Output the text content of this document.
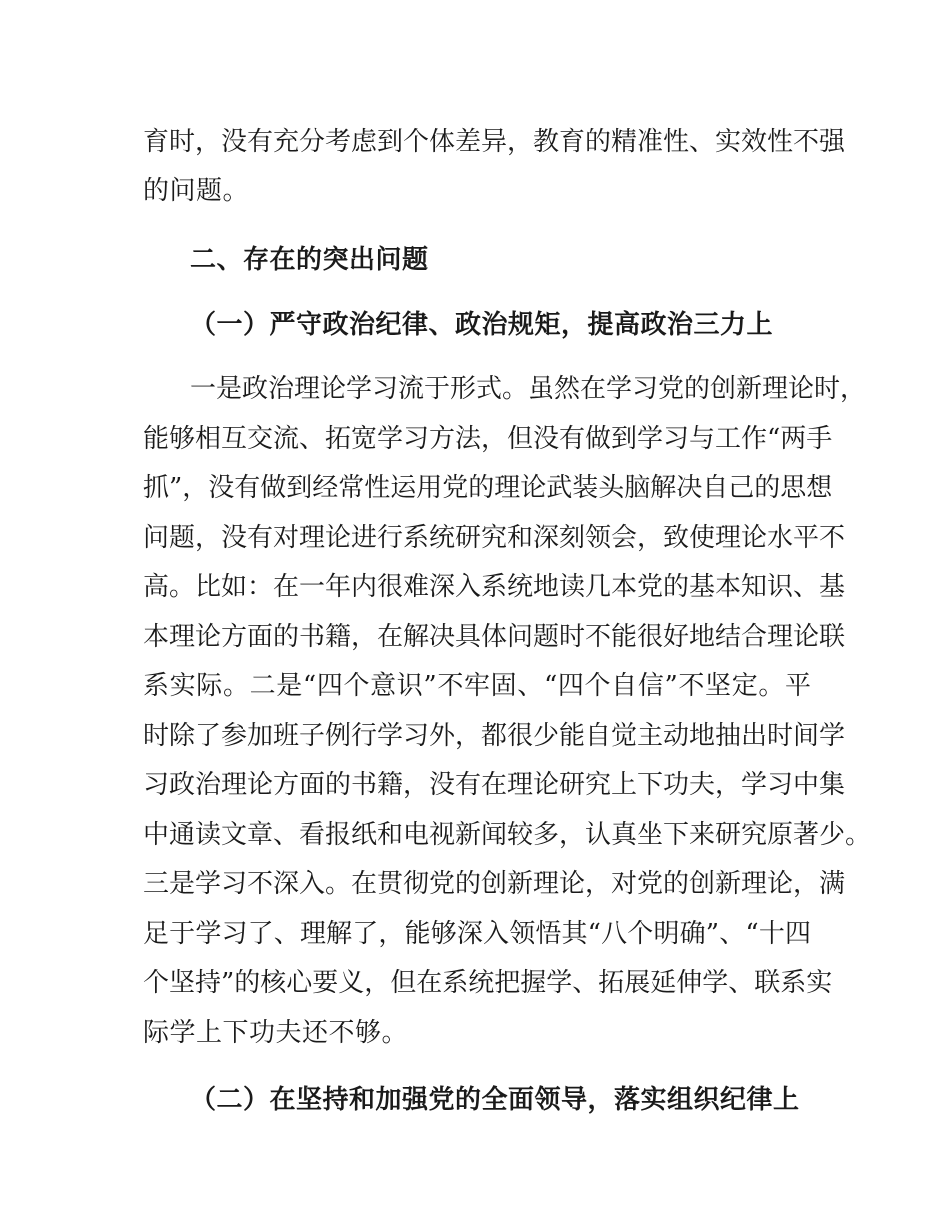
育时，没有充分考虑到个体差异，教育的精准性、实效性不强
的问题。
二、存在的突出问题
（一）严守政治纪律、政治规矩，提高政治三力上
一是政治理论学习流于形式。虽然在学习党的创新理论时，
能够相互交流、拓宽学习方法，但没有做到学习与工作“两手
抓”，没有做到经常性运用党的理论武装头脑解决自己的思想
问题，没有对理论进行系统研究和深刻领会，致使理论水平不
高。比如：在一年内很难深入系统地读几本党的基本知识、基
本理论方面的书籍，在解决具体问题时不能很好地结合理论联
系实际。二是“四个意识”不牢固、“四个自信”不坚定。平
时除了参加班子例行学习外，都很少能自觉主动地抽出时间学
习政治理论方面的书籍，没有在理论研究上下功夫，学习中集
中通读文章、看报纸和电视新闻较多，认真坐下来研究原著少。
三是学习不深入。在贯彻党的创新理论，对党的创新理论，满
足于学习了、理解了，能够深入领悟其“八个明确”、“十四
个坚持”的核心要义，但在系统把握学、拓展延伸学、联系实
际学上下功夫还不够。
（二）在坚持和加强党的全面领导，落实组织纪律上
